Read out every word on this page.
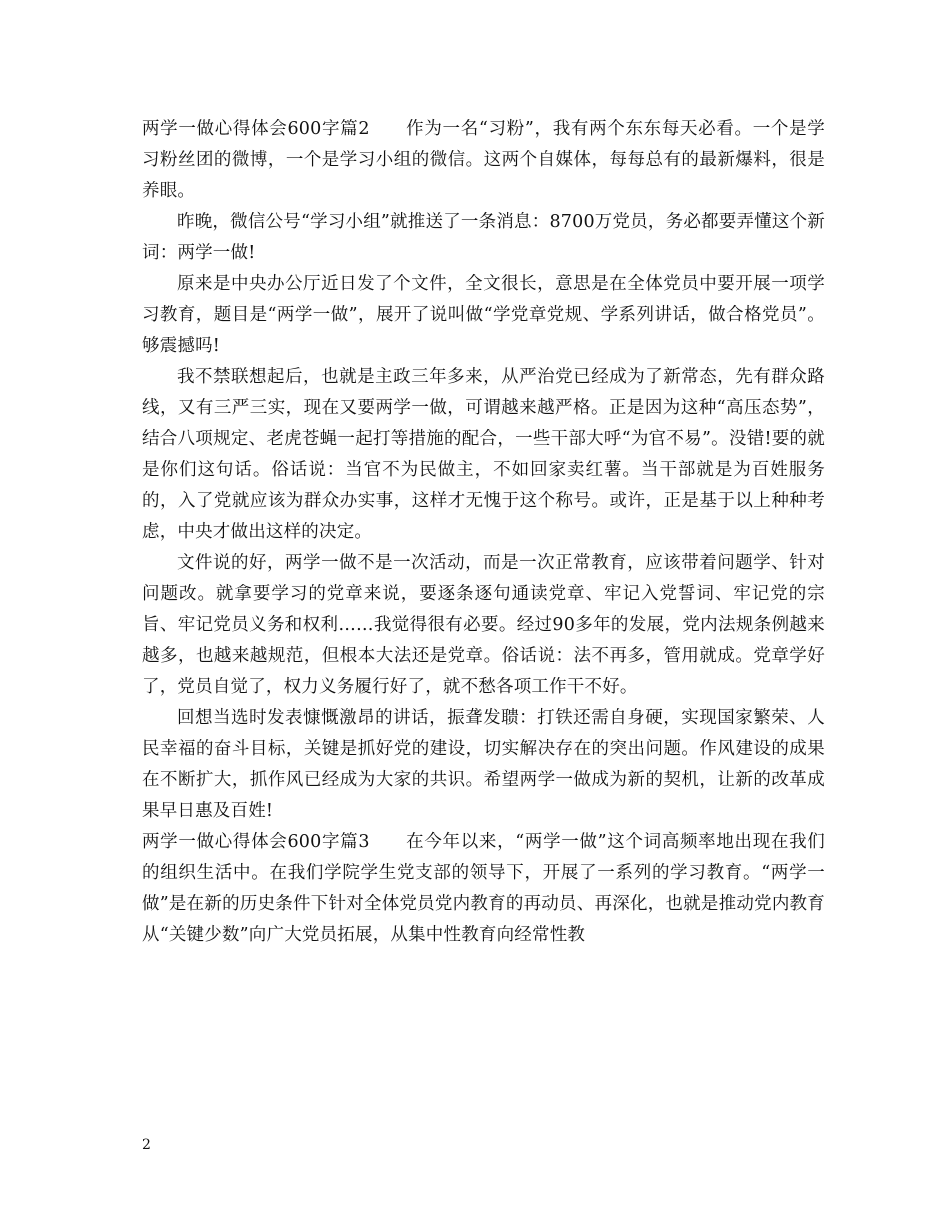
两学一做心得体会600字篇2 作为一名“习粉”，我有两个东东每天必看。一个是学习粉丝团的微博，一个是学习小组的微信。这两个自媒体，每每总有的最新爆料，很是养眼。

昨晚，微信公号“学习小组”就推送了一条消息：8700万党员，务必都要弄懂这个新词：两学一做!

原来是中央办公厅近日发了个文件，全文很长，意思是在全体党员中要开展一项学习教育，题目是“两学一做”，展开了说叫做“学党章党规、学系列讲话，做合格党员”。够震撼吗!

我不禁联想起后，也就是主政三年多来，从严治党已经成为了新常态，先有群众路线，又有三严三实，现在又要两学一做，可谓越来越严格。正是因为这种“高压态势”，结合八项规定、老虎苍蝇一起打等措施的配合，一些干部大呼“为官不易”。没错!要的就是你们这句话。俗话说：当官不为民做主，不如回家卖红薯。当干部就是为百姓服务的，入了党就应该为群众办实事，这样才无愧于这个称号。或许，正是基于以上种种考虑，中央才做出这样的决定。

文件说的好，两学一做不是一次活动，而是一次正常教育，应该带着问题学、针对问题改。就拿要学习的党章来说，要逐条逐句通读党章、牢记入党誓词、牢记党的宗旨、牢记党员义务和权利……我觉得很有必要。经过90多年的发展，党内法规条例越来越多，也越来越规范，但根本大法还是党章。俗话说：法不再多，管用就成。党章学好了，党员自觉了，权力义务履行好了，就不愁各项工作干不好。

回想当选时发表慷慨激昂的讲话，振聋发聩：打铁还需自身硬，实现国家繁荣、人民幸福的奋斗目标，关键是抓好党的建设，切实解决存在的突出问题。作风建设的成果在不断扩大，抓作风已经成为大家的共识。希望两学一做成为新的契机，让新的改革成果早日惠及百姓!

两学一做心得体会600字篇3 在今年以来，“两学一做”这个词高频率地出现在我们的组织生活中。在我们学院学生党支部的领导下，开展了一系列的学习教育。“两学一做”是在新的历史条件下针对全体党员党内教育的再动员、再深化，也就是推动党内教育从“关键少数”向广大党员拓展，从集中性教育向经常性教

2
